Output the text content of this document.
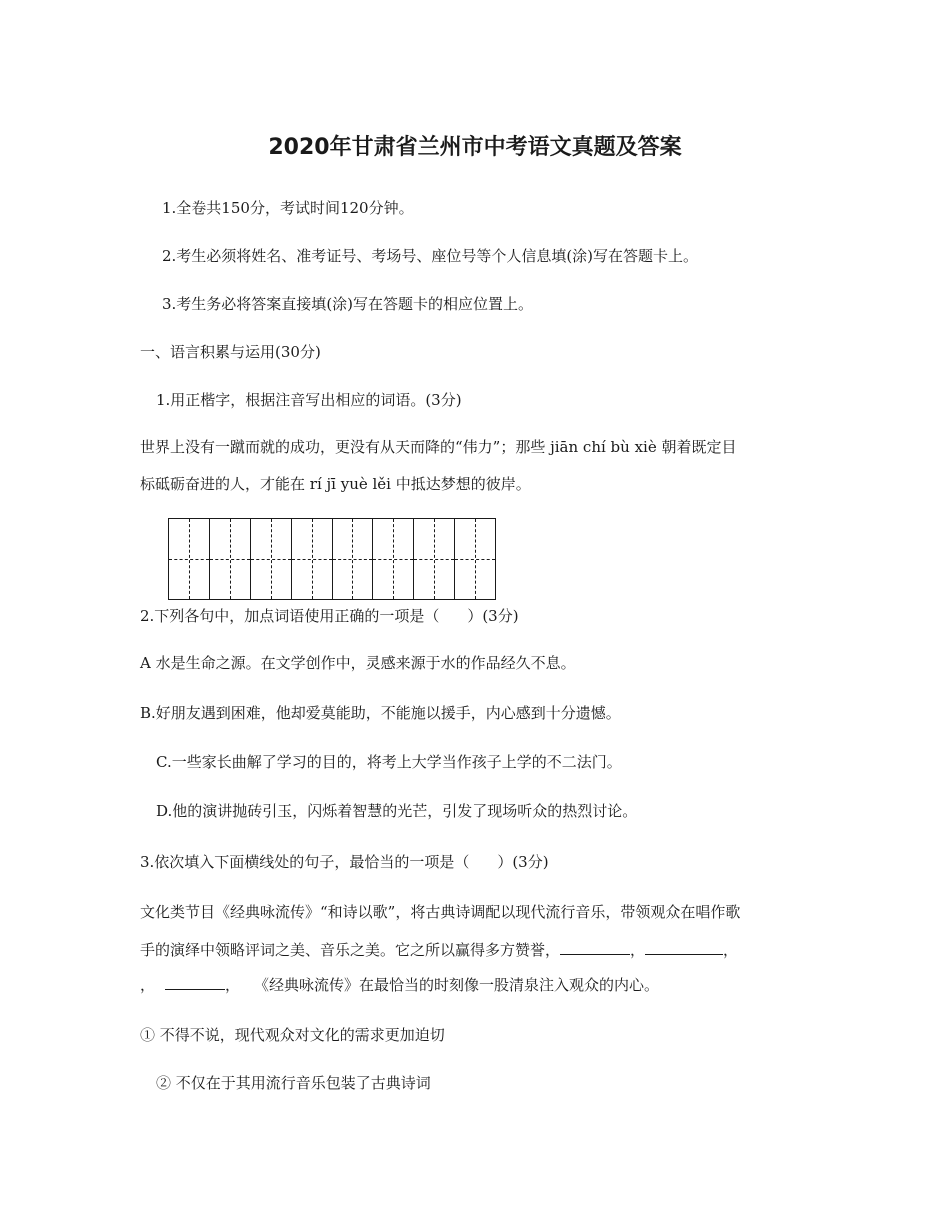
2020年甘肃省兰州市中考语文真题及答案
1.全卷共150分，考试时间120分钟。
2.考生必须将姓名、准考证号、考场号、座位号等个人信息填(涂)写在答题卡上。
3.考生务必将答案直接填(涂)写在答题卡的相应位置上。
一、语言积累与运用(30分)
1.用正楷字，根据注音写出相应的词语。(3分)
世界上没有一蹴而就的成功，更没有从天而降的“伟力”；那些 jiān chí bù xiè 朝着既定目
标砥砺奋进的人，才能在 rí jī yuè lěi 中抵达梦想的彼岸。
2.下列各句中，加点词语使用正确的一项是（ ）(3分)
A 水是生命之源。在文学创作中，灵感来源于水的作品经久不息。
B.好朋友遇到困难，他却爱莫能助，不能施以援手，内心感到十分遗憾。
C.一些家长曲解了学习的目的，将考上大学当作孩子上学的不二法门。
D.他的演讲抛砖引玉，闪烁着智慧的光芒，引发了现场听众的热烈讨论。
3.依次填入下面横线处的句子，最恰当的一项是（ ）(3分)
文化类节目《经典咏流传》“和诗以歌”，将古典诗调配以现代流行音乐，带领观众在唱作歌
手的演绎中领略评词之美、音乐之美。它之所以赢得多方赞誉，	，	，
，	， 《经典咏流传》在最恰当的时刻像一股清泉注入观众的内心。
① 不得不说，现代观众对文化的需求更加迫切
② 不仅在于其用流行音乐包装了古典诗词
